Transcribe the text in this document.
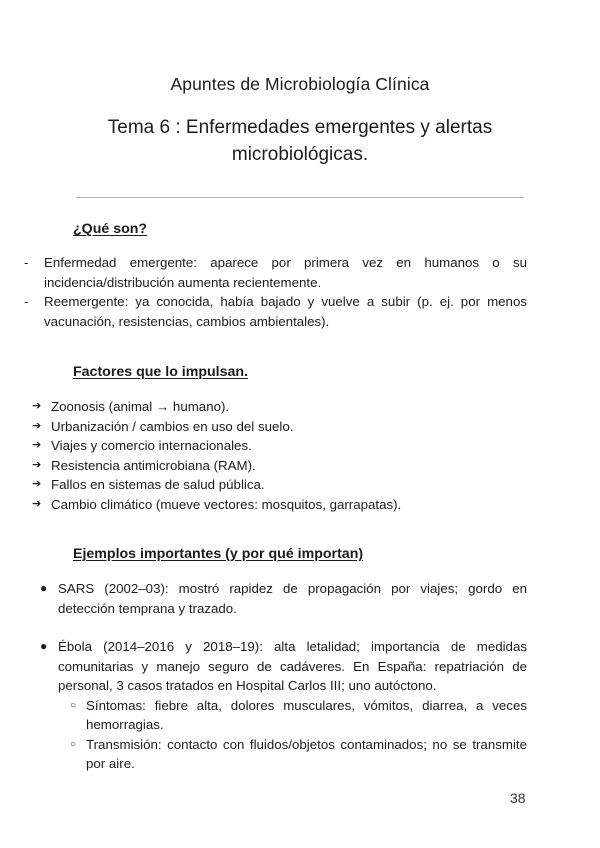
Apuntes de Microbiología Clínica
Tema 6 : Enfermedades emergentes y alertas microbiológicas.
¿Qué son?
- Enfermedad emergente: aparece por primera vez en humanos o su incidencia/distribución aumenta recientemente.
- Reemergente: ya conocida, había bajado y vuelve a subir (p. ej. por menos vacunación, resistencias, cambios ambientales).
Factores que lo impulsan.
➔ Zoonosis (animal → humano).
➔ Urbanización / cambios en uso del suelo.
➔ Viajes y comercio internacionales.
➔ Resistencia antimicrobiana (RAM).
➔ Fallos en sistemas de salud pública.
➔ Cambio climático (mueve vectores: mosquitos, garrapatas).
Ejemplos importantes (y por qué importan)
● SARS (2002–03): mostró rapidez de propagación por viajes; gordo en detección temprana y trazado.
● Ébola (2014–2016 y 2018–19): alta letalidad; importancia de medidas comunitarias y manejo seguro de cadáveres. En España: repatriación de personal, 3 casos tratados en Hospital Carlos III; uno autóctono.
○ Síntomas: fiebre alta, dolores musculares, vómitos, diarrea, a veces hemorragias.
○ Transmisión: contacto con fluidos/objetos contaminados; no se transmite por aire.
38
